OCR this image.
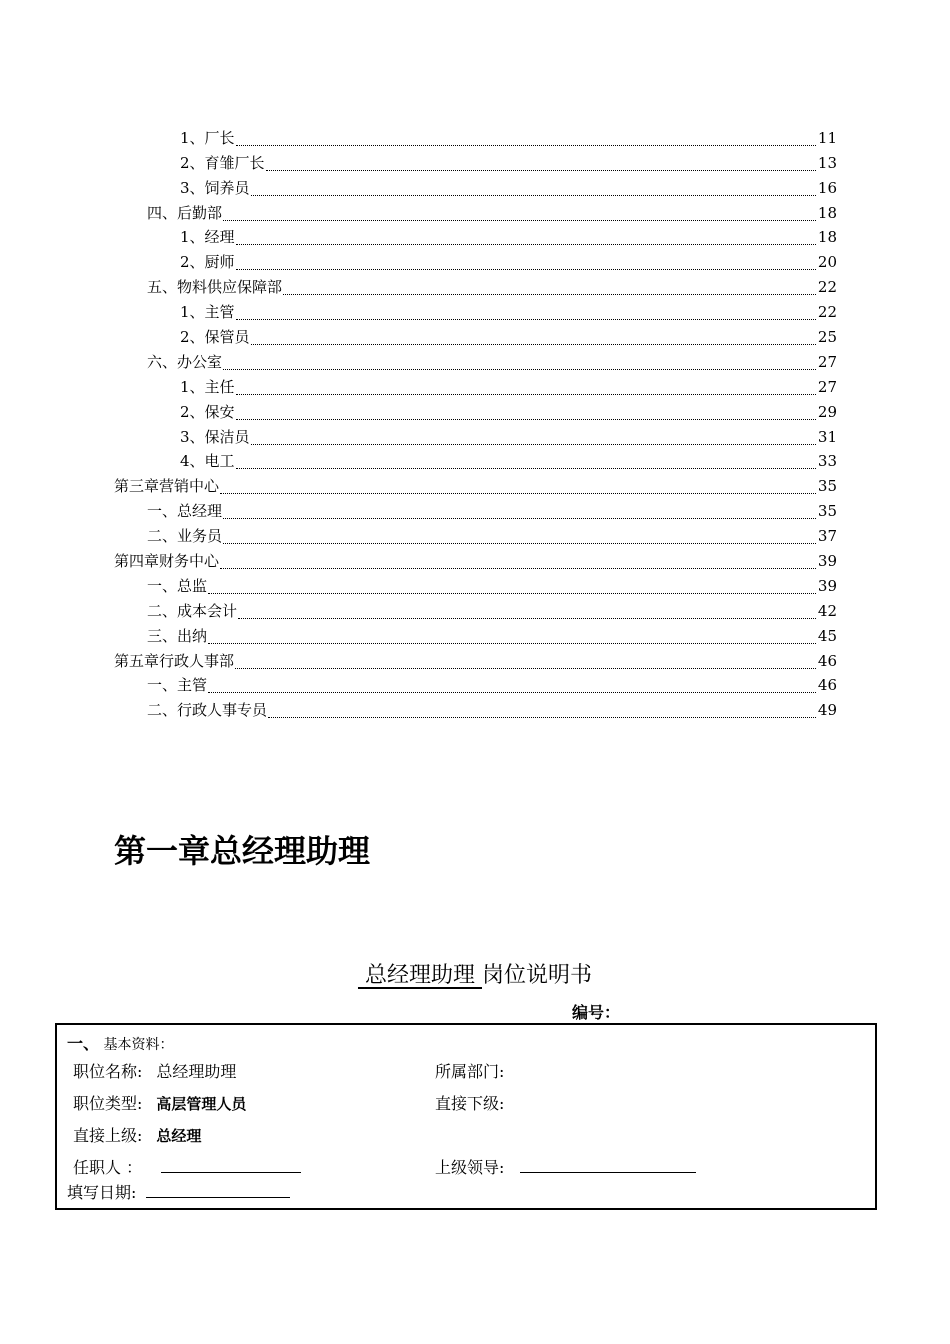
1、厂长	11
2、育雏厂长	13
3、饲养员	16
四、后勤部	18
1、经理	18
2、厨师	20
五、物料供应保障部	22
1、主管	22
2、保管员	25
六、办公室	27
1、主任	27
2、保安	29
3、保洁员	31
4、电工	33
第三章营销中心	35
一、总经理	35
二、业务员	37
第四章财务中心	39
一、总监	39
二、成本会计	42
三、出纳	45
第五章行政人事部	46
一、主管	46
二、行政人事专员	49
第一章总经理助理
总经理助理 岗位说明书
编号：
一、 基本资料：
职位名称: 总经理助理	所属部门:
职位类型: 高层管理人员	直接下级:
直接上级: 总经理
任职人 ：	上级领导:
填写日期:
